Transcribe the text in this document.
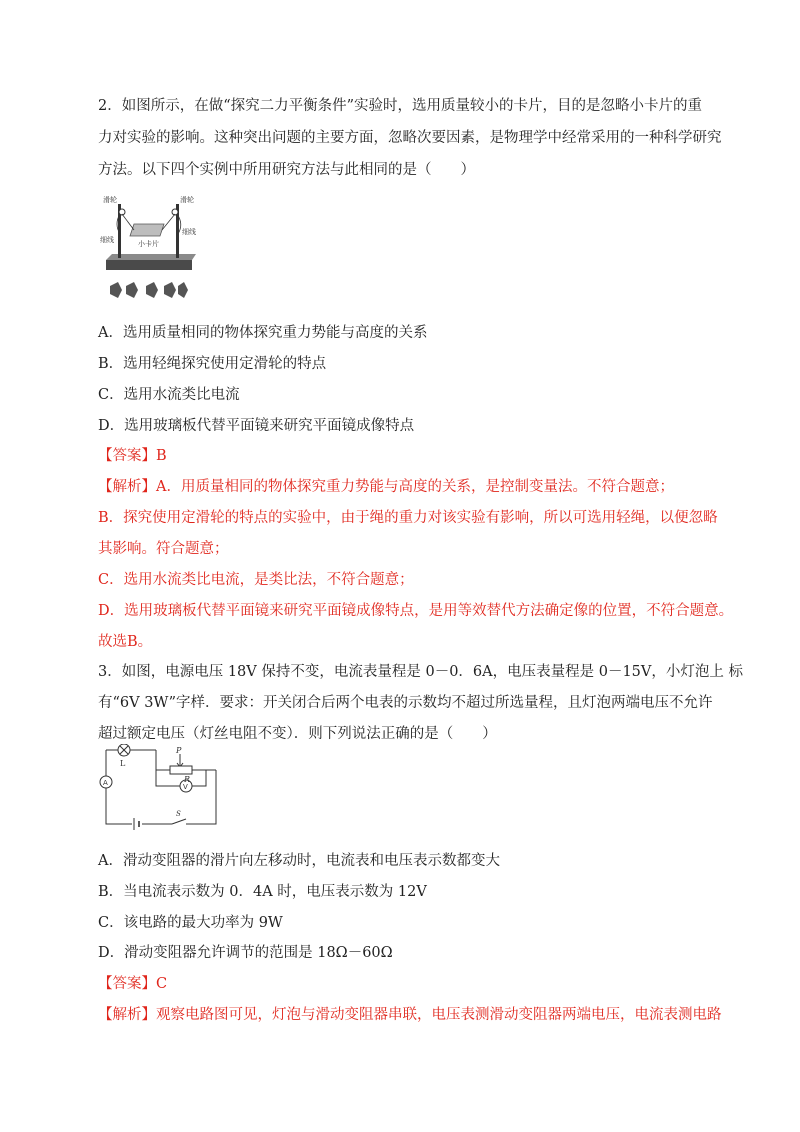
2．如图所示，在做“探究二力平衡条件”实验时，选用质量较小的卡片，目的是忽略小卡片的重
力对实验的影响。这种突出问题的主要方面，忽略次要因素，是物理学中经常采用的一种科学研究
方法。以下四个实例中所用研究方法与此相同的是（　　）
滑轮	滑轮
细线
细线
小卡片
A．选用质量相同的物体探究重力势能与高度的关系
B．选用轻绳探究使用定滑轮的特点
C．选用水流类比电流
D．选用玻璃板代替平面镜来研究平面镜成像特点
【答案】B
【解析】A．用质量相同的物体探究重力势能与高度的关系，是控制变量法。不符合题意；
B．探究使用定滑轮的特点的实验中，由于绳的重力对该实验有影响，所以可选用轻绳，以便忽略
其影响。符合题意；
C．选用水流类比电流，是类比法，不符合题意；
D．选用玻璃板代替平面镜来研究平面镜成像特点，是用等效替代方法确定像的位置，不符合题意。
故选B。
3．如图，电源电压 18V 保持不变，电流表量程是 0－0．6A，电压表量程是 0－15V，小灯泡上 标
有“6V 3W”字样．要求：开关闭合后两个电表的示数均不超过所选量程，且灯泡两端电压不允许
超过额定电压（灯丝电阻不变）．则下列说法正确的是（　　）
L
P
R
A	V
S
A．滑动变阻器的滑片向左移动时，电流表和电压表示数都变大
B．当电流表示数为 0．4A 时，电压表示数为 12V
C．该电路的最大功率为 9W
D．滑动变阻器允许调节的范围是 18Ω－60Ω
【答案】C
【解析】观察电路图可见，灯泡与滑动变阻器串联，电压表测滑动变阻器两端电压，电流表测电路
